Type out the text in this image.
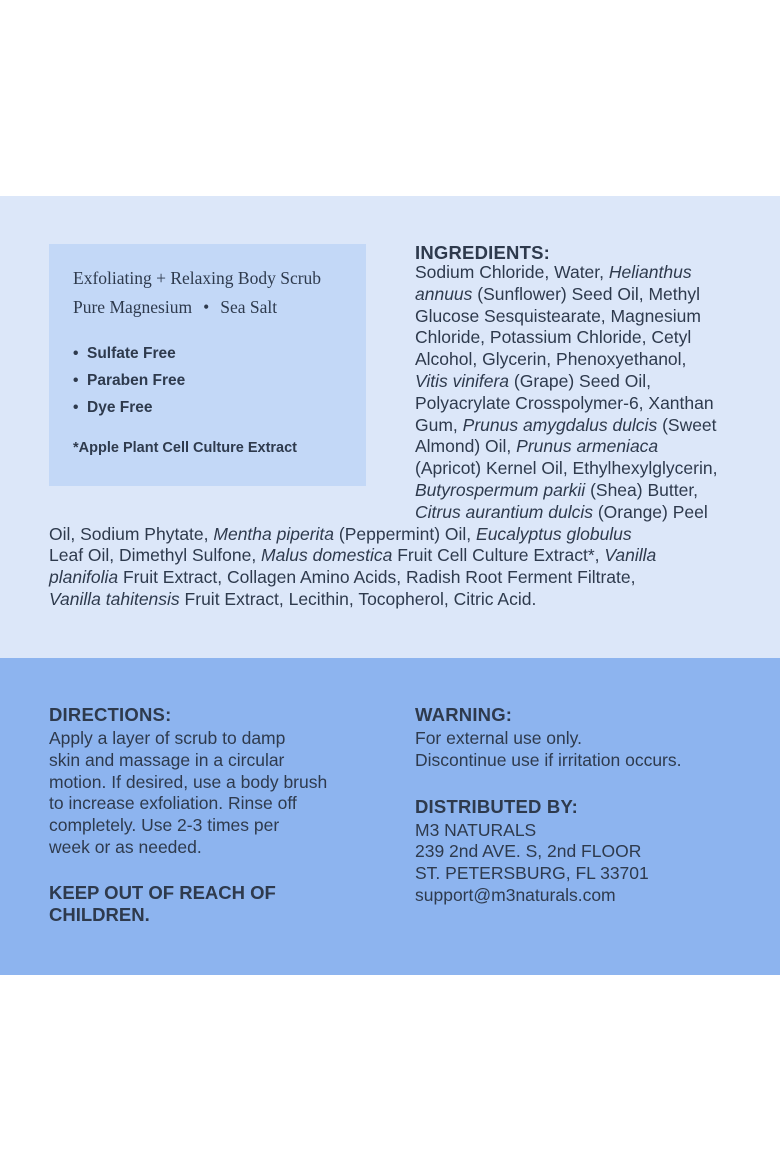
Exfoliating + Relaxing Body Scrub
Pure Magnesium • Sea Salt
• Sulfate Free
• Paraben Free
• Dye Free
*Apple Plant Cell Culture Extract
INGREDIENTS:
Sodium Chloride, Water, Helianthus
annuus (Sunflower) Seed Oil, Methyl
Glucose Sesquistearate, Magnesium
Chloride, Potassium Chloride, Cetyl
Alcohol, Glycerin, Phenoxyethanol,
Vitis vinifera (Grape) Seed Oil,
Polyacrylate Crosspolymer-6, Xanthan
Gum, Prunus amygdalus dulcis (Sweet
Almond) Oil, Prunus armeniaca
(Apricot) Kernel Oil, Ethylhexylglycerin,
Butyrospermum parkii (Shea) Butter,
Citrus aurantium dulcis (Orange) Peel
Oil, Sodium Phytate, Mentha piperita (Peppermint) Oil, Eucalyptus globulus
Leaf Oil, Dimethyl Sulfone, Malus domestica Fruit Cell Culture Extract*, Vanilla
planifolia Fruit Extract, Collagen Amino Acids, Radish Root Ferment Filtrate,
Vanilla tahitensis Fruit Extract, Lecithin, Tocopherol, Citric Acid.
DIRECTIONS:
Apply a layer of scrub to damp
skin and massage in a circular
motion. If desired, use a body brush
to increase exfoliation. Rinse off
completely. Use 2-3 times per
week or as needed.
KEEP OUT OF REACH OF
CHILDREN.
WARNING:
For external use only.
Discontinue use if irritation occurs.
DISTRIBUTED BY:
M3 NATURALS
239 2nd AVE. S, 2nd FLOOR
ST. PETERSBURG, FL 33701
support@m3naturals.com
